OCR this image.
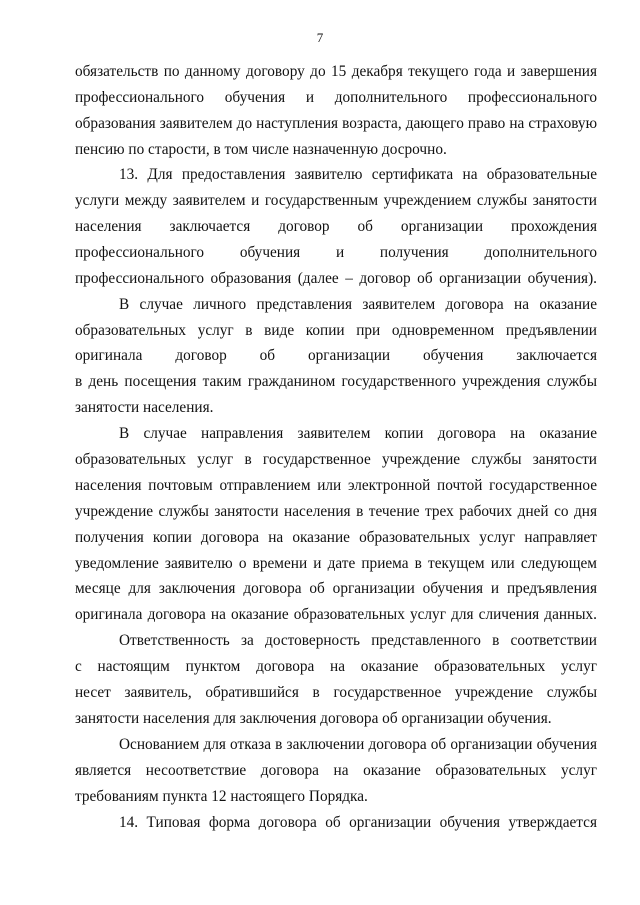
7
обязательств по данному договору до 15 декабря текущего года и завершения
профессионального обучения и дополнительного профессионального
образования заявителем до наступления возраста, дающего право на страховую
пенсию по старости, в том числе назначенную досрочно.
13. Для предоставления заявителю сертификата на образовательные
услуги между заявителем и государственным учреждением службы занятости
населения заключается договор об организации прохождения
профессионального обучения и получения дополнительного
профессионального образования (далее – договор об организации обучения).
В случае личного представления заявителем договора на оказание
образовательных услуг в виде копии при одновременном предъявлении
оригинала договор об организации обучения заключается
в день посещения таким гражданином государственного учреждения службы
занятости населения.
В случае направления заявителем копии договора на оказание
образовательных услуг в государственное учреждение службы занятости
населения почтовым отправлением или электронной почтой государственное
учреждение службы занятости населения в течение трех рабочих дней со дня
получения копии договора на оказание образовательных услуг направляет
уведомление заявителю о времени и дате приема в текущем или следующем
месяце для заключения договора об организации обучения и предъявления
оригинала договора на оказание образовательных услуг для сличения данных.
Ответственность за достоверность представленного в соответствии
с настоящим пунктом договора на оказание образовательных услуг
несет заявитель, обратившийся в государственное учреждение службы
занятости населения для заключения договора об организации обучения.
Основанием для отказа в заключении договора об организации обучения
является несоответствие договора на оказание образовательных услуг
требованиям пункта 12 настоящего Порядка.
14. Типовая форма договора об организации обучения утверждается
